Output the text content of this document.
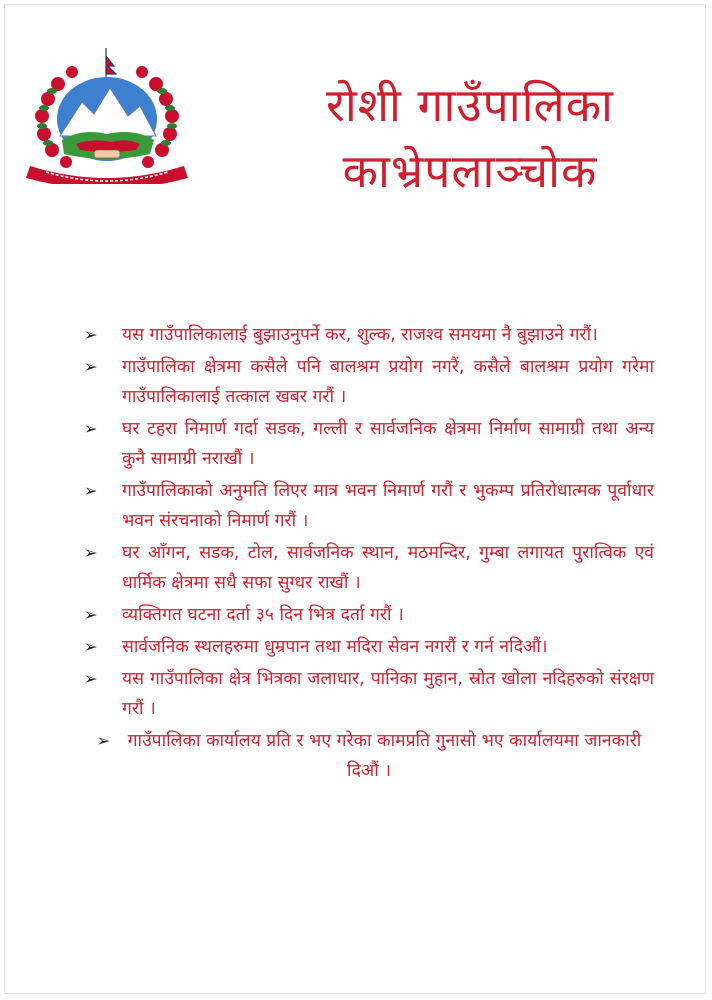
रोशी गाउँपालिका
काभ्रेपलाञ्चोक
➢ यस गाउँपालिकालाई बुझाउनुपर्ने कर, शुल्क, राजश्व समयमा नै बुझाउने गरौं।
➢ गाउँपालिका क्षेत्रमा कसैले पनि बालश्रम प्रयोग नगरैं, कसैले बालश्रम प्रयोग गरेमा गाउँपालिकालाई तत्काल खबर गरौं ।
➢ घर टहरा निमार्ण गर्दा सडक, गल्ली र सार्वजनिक क्षेत्रमा निर्माण सामाग्री तथा अन्य कुनै सामाग्री नराखौं ।
➢ गाउँपालिकाको अनुमति लिएर मात्र भवन निमार्ण गरौं र भुकम्प प्रतिरोधात्मक पूर्वाधार भवन संरचनाको निमार्ण गरौं ।
➢ घर आँगन, सडक, टोल, सार्वजनिक स्थान, मठमन्दिर, गुम्बा लगायत पुरात्विक एवं धार्मिक क्षेत्रमा सधै सफा सुग्धर राखौं ।
➢ व्यक्तिगत घटना दर्ता ३५ दिन भित्र दर्ता गरौं ।
➢ सार्वजनिक स्थलहरुमा धुम्रपान तथा मदिरा सेवन नगरौं र गर्न नदिऔं।
➢ यस गाउँपालिका क्षेत्र भित्रका जलाधार, पानिका मुहान, स्रोत खोला नदिहरुको संरक्षण गरौं ।
➢ गाउँपालिका कार्यालय प्रति र भए गरेका कामप्रति गुनासो भए कार्यालयमा जानकारी दिऔं ।
